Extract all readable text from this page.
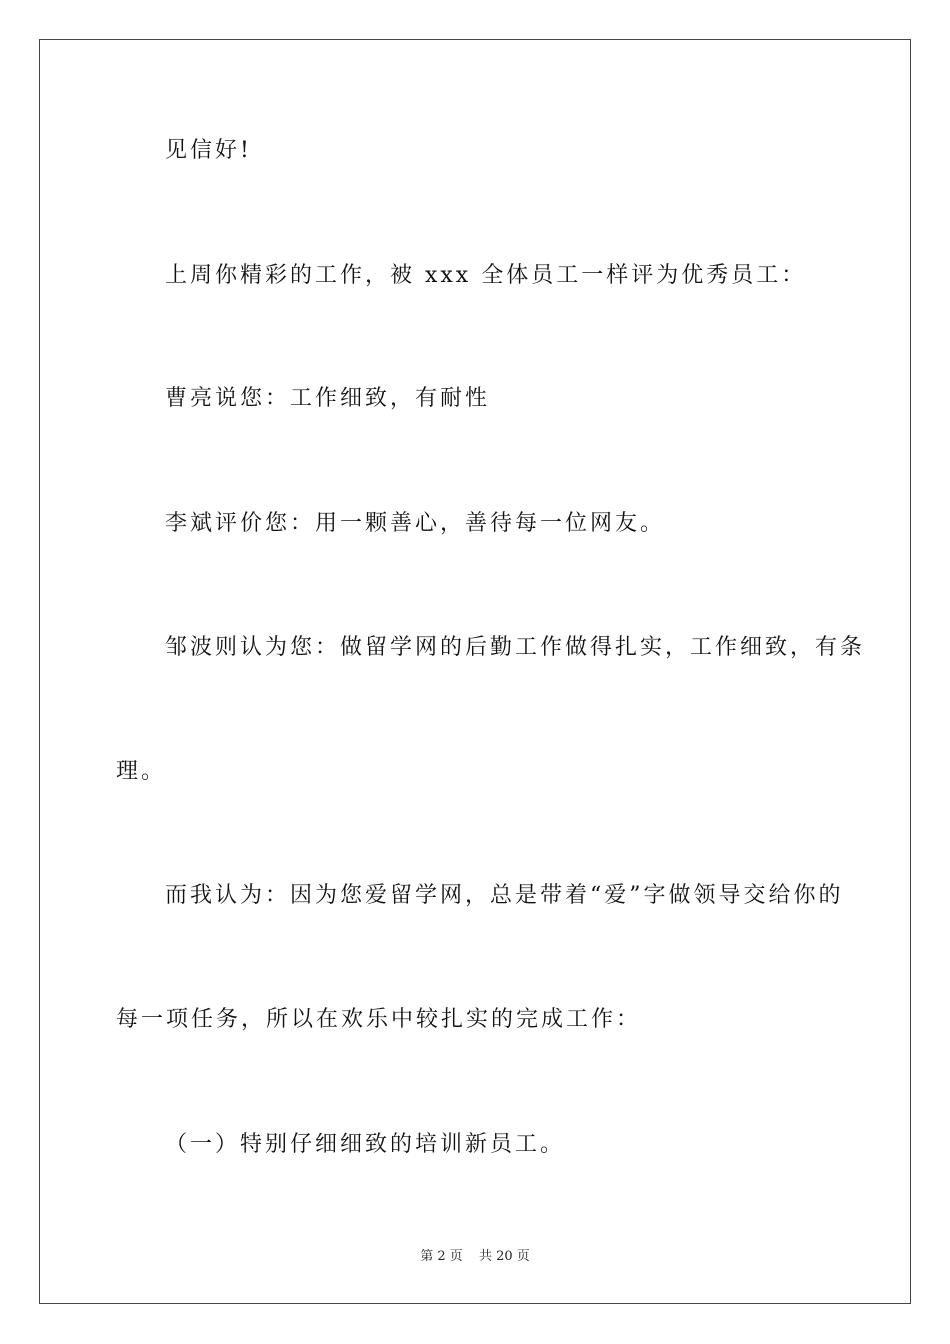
见信好!
上周你精彩的工作，被 xxx 全体员工一样评为优秀员工：
曹亮说您：工作细致，有耐性
李斌评价您：用一颗善心，善待每一位网友。
邹波则认为您：做留学网的后勤工作做得扎实，工作细致，有条
理。
而我认为：因为您爱留学网，总是带着“爱”字做领导交给你的
每一项任务，所以在欢乐中较扎实的完成工作：
（一）特别仔细细致的培训新员工。
第 2 页 共 20 页
